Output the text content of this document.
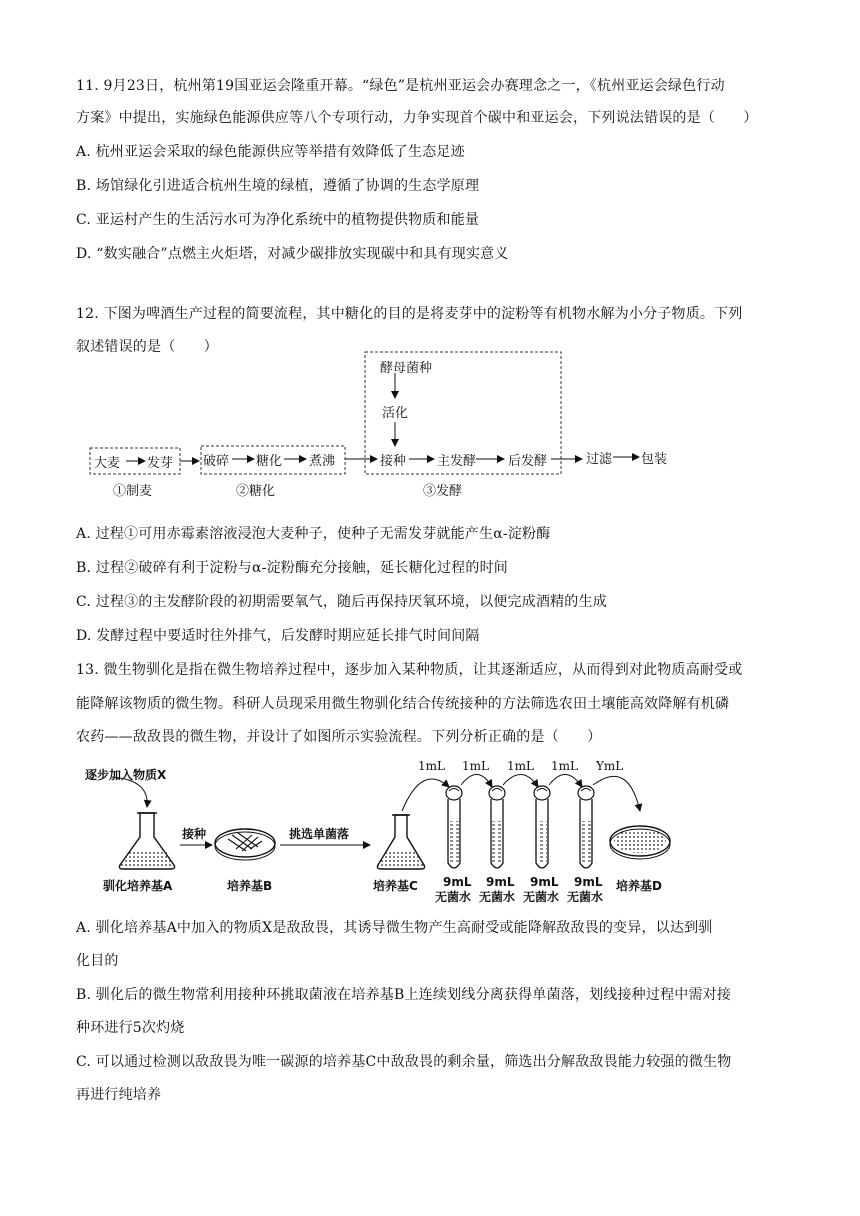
11. 9月23日，杭州第19国亚运会隆重开幕。“绿色”是杭州亚运会办赛理念之一，《杭州亚运会绿色行动
方案》中提出，实施绿色能源供应等八个专项行动，力争实现首个碳中和亚运会，下列说法错误的是（　　）
A. 杭州亚运会采取的绿色能源供应等举措有效降低了生态足迹
B. 场馆绿化引进适合杭州生境的绿植，遵循了协调的生态学原理
C. 亚运村产生的生活污水可为净化系统中的植物提供物质和能量
D. “数实融合”点燃主火炬塔，对减少碳排放实现碳中和具有现实意义
12. 下图为啤酒生产过程的简要流程，其中糖化的目的是将麦芽中的淀粉等有机物水解为小分子物质。下列
叙述错误的是（　　）
酵母菌种
活化
大麦 发芽 破碎 糖化 煮沸	接种 主发酵 后发酵	过滤 包装
①制麦	②糖化	③发酵
A. 过程①可用赤霉素溶液浸泡大麦种子，使种子无需发芽就能产生α-淀粉酶
B. 过程②破碎有利于淀粉与α-淀粉酶充分接触，延长糖化过程的时间
C. 过程③的主发酵阶段的初期需要氧气，随后再保持厌氧环境，以便完成酒精的生成
D. 发酵过程中要适时往外排气，后发酵时期应延长排气时间间隔
13. 微生物驯化是指在微生物培养过程中，逐步加入某种物质，让其逐渐适应，从而得到对此物质高耐受或
能降解该物质的微生物。科研人员现采用微生物驯化结合传统接种的方法筛选农田土壤能高效降解有机磷
农药——敌敌畏的微生物，并设计了如图所示实验流程。下列分析正确的是（　　）
逐步加入物质X
接种	挑选单菌落
驯化培养基A	培养基B	培养基C	培养基D
1mL 1mL 1mL 1mL YmL
9mL 9mL 9mL 9mL
无菌水 无菌水 无菌水 无菌水
A. 驯化培养基A中加入的物质X是敌敌畏，其诱导微生物产生高耐受或能降解敌敌畏的变异，以达到驯
化目的
B. 驯化后的微生物常利用接种环挑取菌液在培养基B上连续划线分离获得单菌落，划线接种过程中需对接
种环进行5次灼烧
C. 可以通过检测以敌敌畏为唯一碳源的培养基C中敌敌畏的剩余量，筛选出分解敌敌畏能力较强的微生物
再进行纯培养
